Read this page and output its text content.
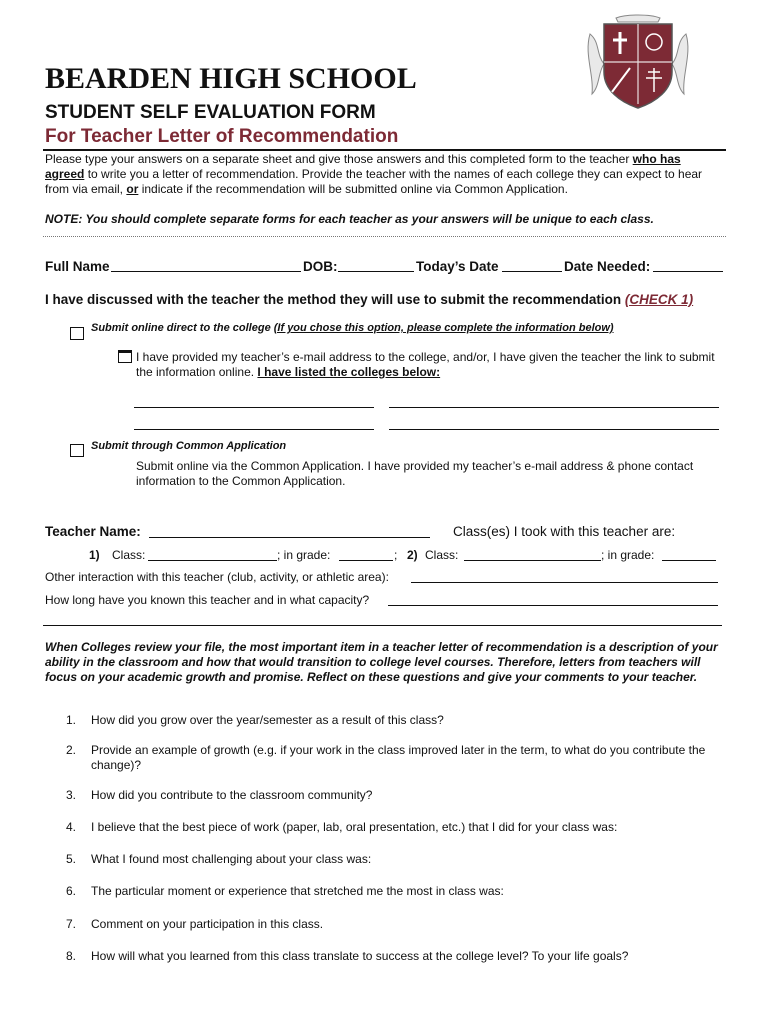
BEARDEN HIGH SCHOOL
STUDENT SELF EVALUATION FORM
For Teacher Letter of Recommendation

Please type your answers on a separate sheet and give those answers and this completed form to the teacher who has agreed to write you a letter of recommendation. Provide the teacher with the names of each college they can expect to hear from via email, or indicate if the recommendation will be submitted online via Common Application.

NOTE: You should complete separate forms for each teacher as your answers will be unique to each class.

Full Name	DOB:	Today’s Date	Date Needed:

I have discussed with the teacher the method they will use to submit the recommendation (CHECK 1)

Submit online direct to the college (If you chose this option, please complete the information below)

I have provided my teacher’s e-mail address to the college, and/or, I have given the teacher the link to submit the information online. I have listed the colleges below:

Submit through Common Application

Submit online via the Common Application. I have provided my teacher’s e-mail address & phone contact information to the Common Application.

Teacher Name:	Class(es) I took with this teacher are:
1) Class:	; in grade:	; 2) Class:	; in grade:
Other interaction with this teacher (club, activity, or athletic area):
How long have you known this teacher and in what capacity?

When Colleges review your file, the most important item in a teacher letter of recommendation is a description of your ability in the classroom and how that would transition to college level courses. Therefore, letters from teachers will focus on your academic growth and promise. Reflect on these questions and give your comments to your teacher.

1. How did you grow over the year/semester as a result of this class?
2. Provide an example of growth (e.g. if your work in the class improved later in the term, to what do you contribute the change)?
3. How did you contribute to the classroom community?
4. I believe that the best piece of work (paper, lab, oral presentation, etc.) that I did for your class was:
5. What I found most challenging about your class was:
6. The particular moment or experience that stretched me the most in class was:
7. Comment on your participation in this class.
8. How will what you learned from this class translate to success at the college level? To your life goals?
